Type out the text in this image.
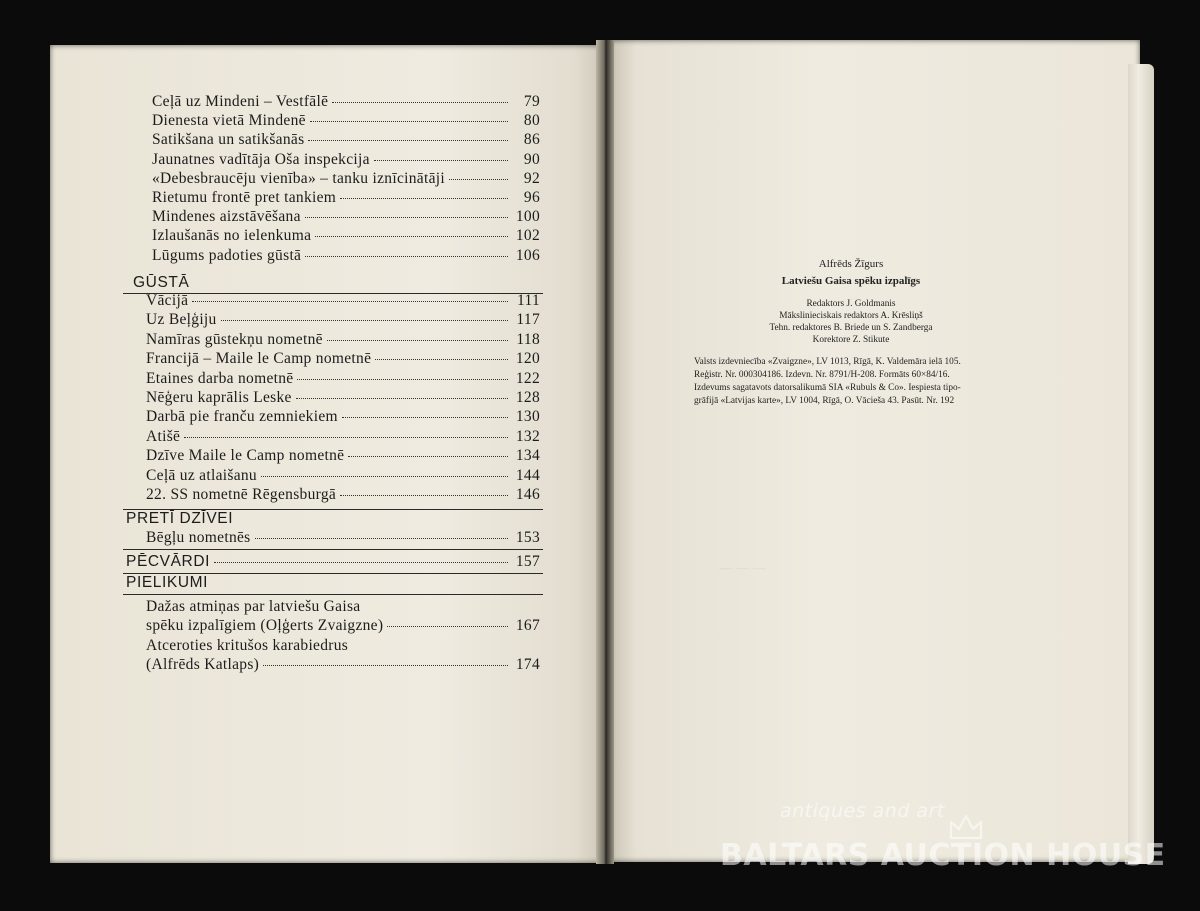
— — —
Ceļā uz Mindeni – Vestfālē	79
Dienesta vietā Mindenē	80
Satikšana un satikšanās	86
Jaunatnes vadītāja Oša inspekcija	90
«Debesbraucēju vienība» – tanku iznīcinātāji	92
Rietumu frontē pret tankiem	96
Mindenes aizstāvēšana	100
Izlaušanās no ielenkuma	102
Lūgums padoties gūstā	106
GŪSTĀ
Vācijā	111
Uz Beļģiju	117
Namīras gūstekņu nometnē	118
Francijā – Maile le Camp nometnē	120
Etaines darba nometnē	122
Nēģeru kaprālis Leske	128
Darbā pie franču zemniekiem	130
Atišē	132
Dzīve Maile le Camp nometnē	134
Ceļā uz atlaišanu	144
22. SS nometnē Rēgensburgā	146
PRETĪ DZĪVEI
Bēgļu nometnēs	153
PĒCVĀRDI	157
PIELIKUMI
Dažas atmiņas par latviešu Gaisa
spēku izpalīgiem (Oļģerts Zvaigzne)	167
Atceroties kritušos karabiedrus
(Alfrēds Katlaps)	174
Alfrēds Žīgurs
Latviešu Gaisa spēku izpalīgs
Redaktors J. Goldmanis
Mākslinieciskais redaktors A. Krēsliņš
Tehn. redaktores B. Briede un S. Zandberga
Korektore Z. Stikute
Valsts izdevniecība «Zvaigzne», LV 1013, Rīgā, K. Valdemāra ielā 105.
Reģistr. Nr. 000304186. Izdevn. Nr. 8791/H-208. Formāts 60×84/16.
Izdevums sagatavots datorsalikumā SIA «Rubuls & Co». Iespiesta tipo-
grāfijā «Latvijas karte», LV 1004, Rīgā, O. Vācieša 43. Pasūt. Nr. 192
antiques and art
BALTARS AUCTION HOUSE
